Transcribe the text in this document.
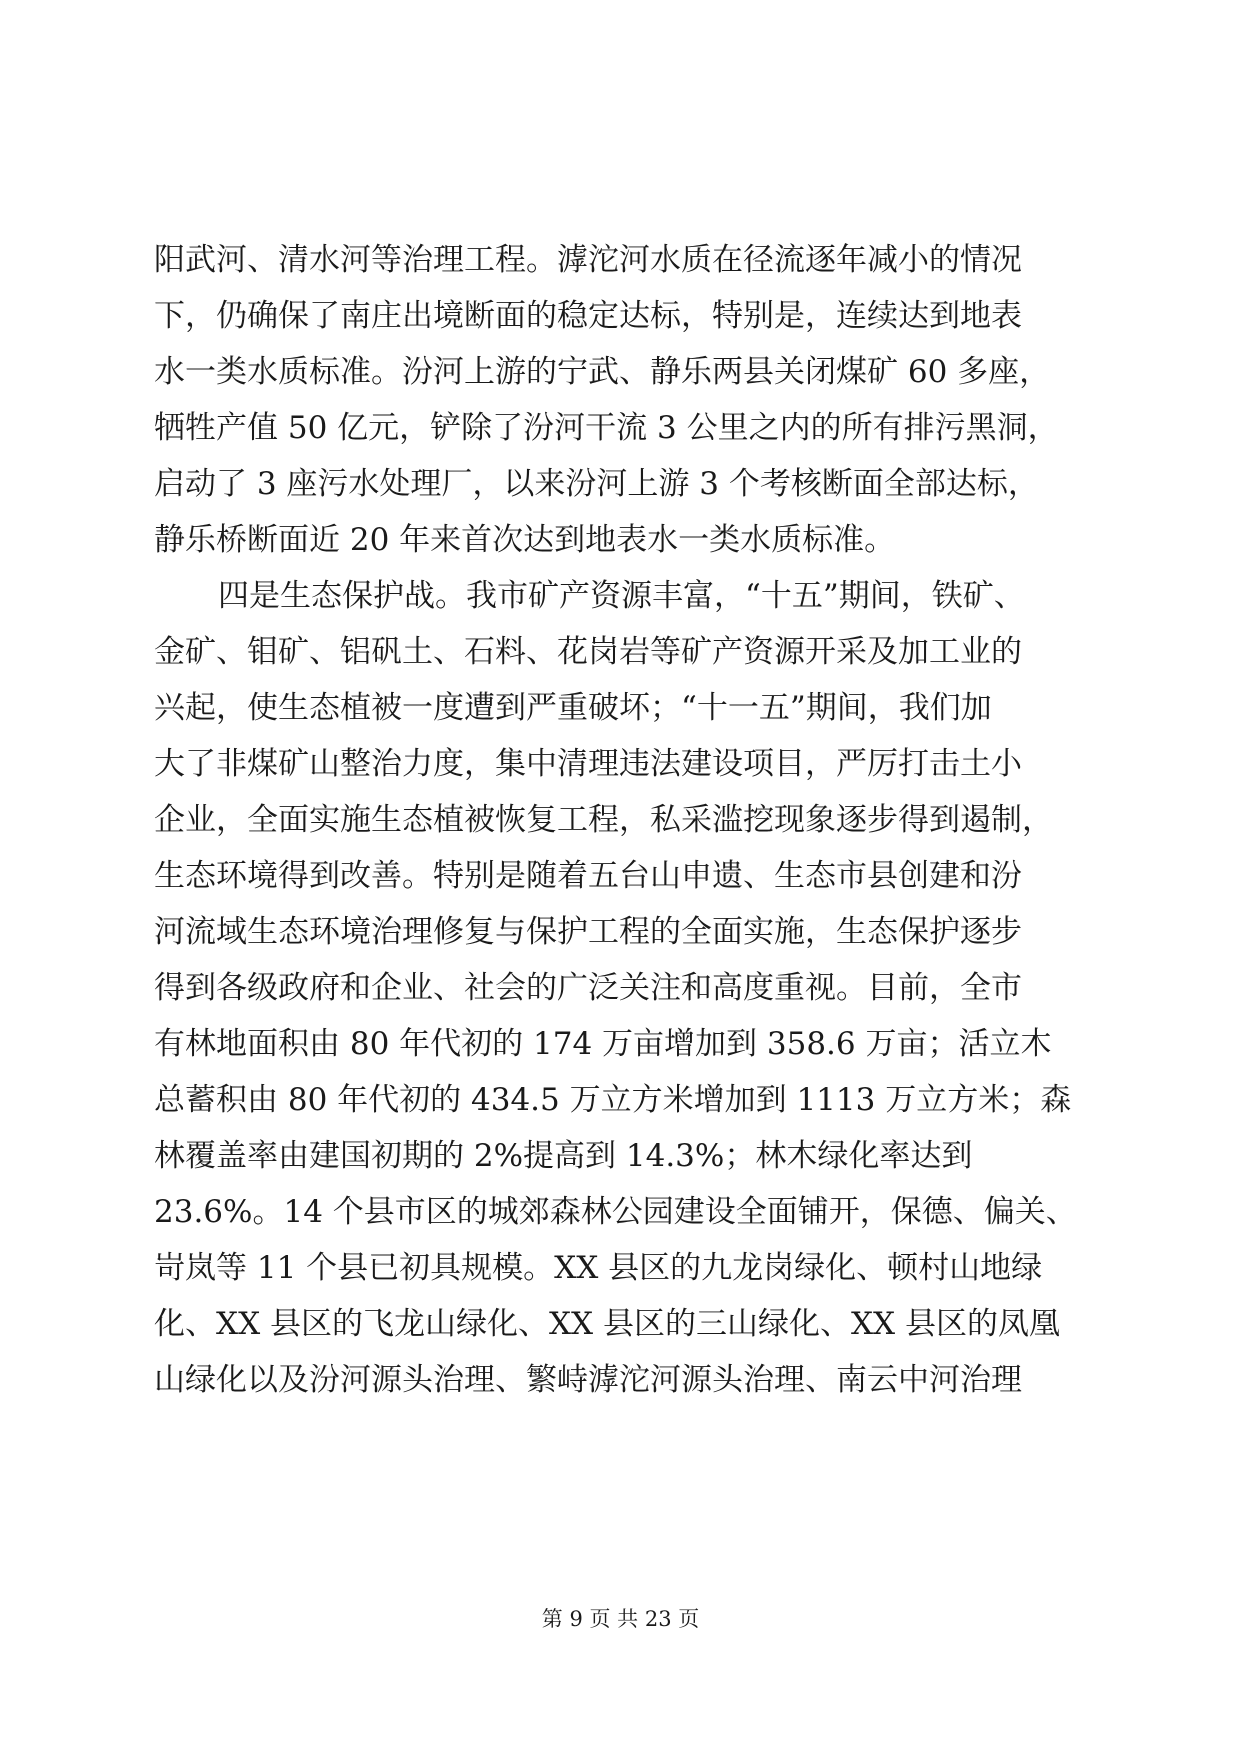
阳武河、清水河等治理工程。滹沱河水质在径流逐年减小的情况
下，仍确保了南庄出境断面的稳定达标，特别是，连续达到地表
水一类水质标准。汾河上游的宁武、静乐两县关闭煤矿 60 多座，
牺牲产值 50 亿元，铲除了汾河干流 3 公里之内的所有排污黑洞，
启动了 3 座污水处理厂，以来汾河上游 3 个考核断面全部达标，
静乐桥断面近 20 年来首次达到地表水一类水质标准。
四是生态保护战。我市矿产资源丰富，“十五”期间，铁矿、
金矿、钼矿、铝矾土、石料、花岗岩等矿产资源开采及加工业的
兴起，使生态植被一度遭到严重破坏；“十一五”期间，我们加
大了非煤矿山整治力度，集中清理违法建设项目，严厉打击土小
企业，全面实施生态植被恢复工程，私采滥挖现象逐步得到遏制，
生态环境得到改善。特别是随着五台山申遗、生态市县创建和汾
河流域生态环境治理修复与保护工程的全面实施，生态保护逐步
得到各级政府和企业、社会的广泛关注和高度重视。目前，全市
有林地面积由 80 年代初的 174 万亩增加到 358.6 万亩；活立木
总蓄积由 80 年代初的 434.5 万立方米增加到 1113 万立方米；森
林覆盖率由建国初期的 2%提高到 14.3%；林木绿化率达到
23.6%。14 个县市区的城郊森林公园建设全面铺开，保德、偏关、
岢岚等 11 个县已初具规模。XX 县区的九龙岗绿化、顿村山地绿
化、XX 县区的飞龙山绿化、XX 县区的三山绿化、XX 县区的凤凰
山绿化以及汾河源头治理、繁峙滹沱河源头治理、南云中河治理
第 9 页 共 23 页
